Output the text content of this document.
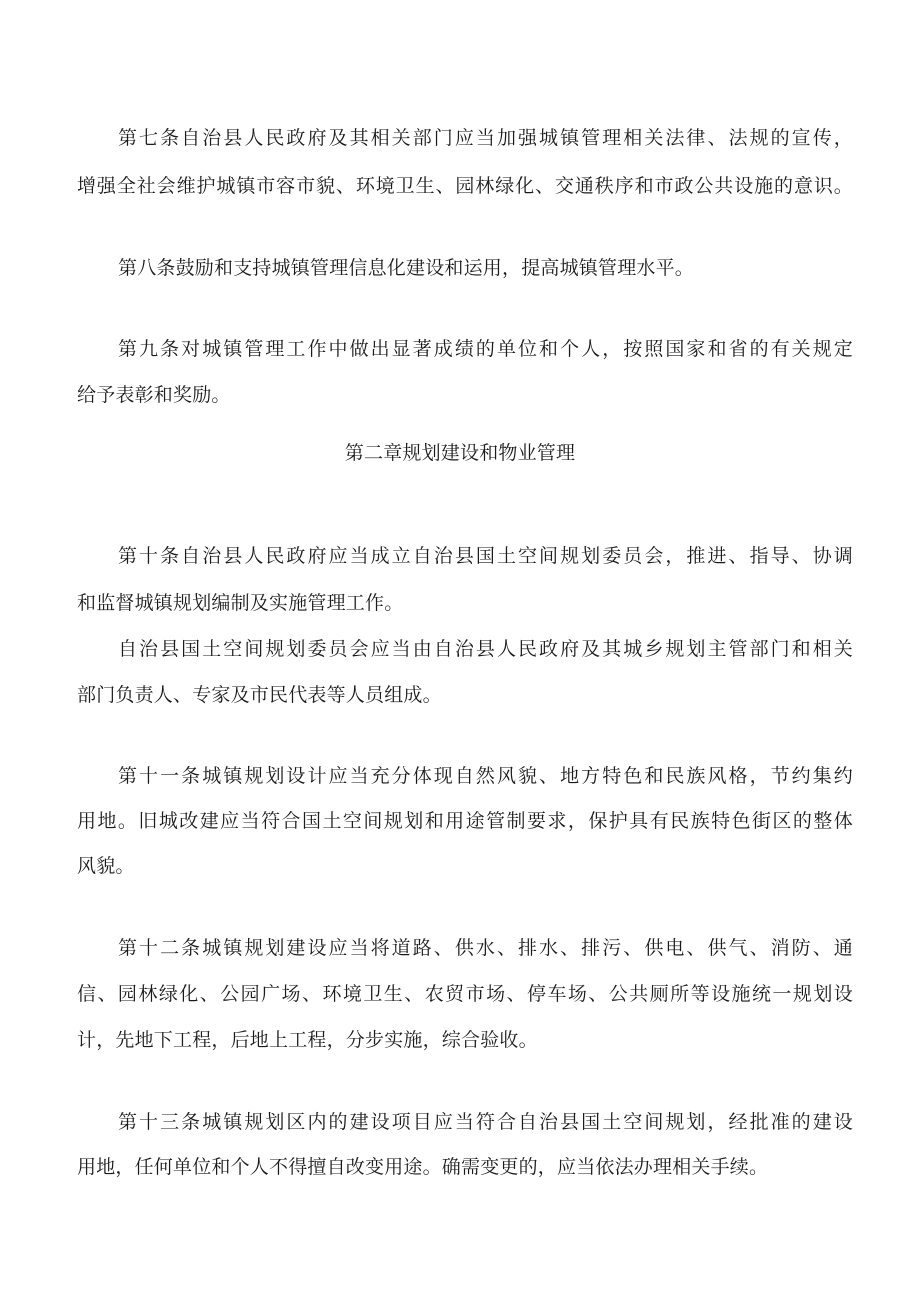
第七条自治县人民政府及其相关部门应当加强城镇管理相关法律、法规的宣传，
增强全社会维护城镇市容市貌、环境卫生、园林绿化、交通秩序和市政公共设施的意识。
第八条鼓励和支持城镇管理信息化建设和运用，提高城镇管理水平。
第九条对城镇管理工作中做出显著成绩的单位和个人，按照国家和省的有关规定
给予表彰和奖励。
第二章规划建设和物业管理
第十条自治县人民政府应当成立自治县国土空间规划委员会，推进、指导、协调
和监督城镇规划编制及实施管理工作。
自治县国土空间规划委员会应当由自治县人民政府及其城乡规划主管部门和相关
部门负责人、专家及市民代表等人员组成。
第十一条城镇规划设计应当充分体现自然风貌、地方特色和民族风格，节约集约
用地。旧城改建应当符合国土空间规划和用途管制要求，保护具有民族特色街区的整体
风貌。
第十二条城镇规划建设应当将道路、供水、排水、排污、供电、供气、消防、通
信、园林绿化、公园广场、环境卫生、农贸市场、停车场、公共厕所等设施统一规划设
计，先地下工程，后地上工程，分步实施，综合验收。
第十三条城镇规划区内的建设项目应当符合自治县国土空间规划，经批准的建设
用地，任何单位和个人不得擅自改变用途。确需变更的，应当依法办理相关手续。
